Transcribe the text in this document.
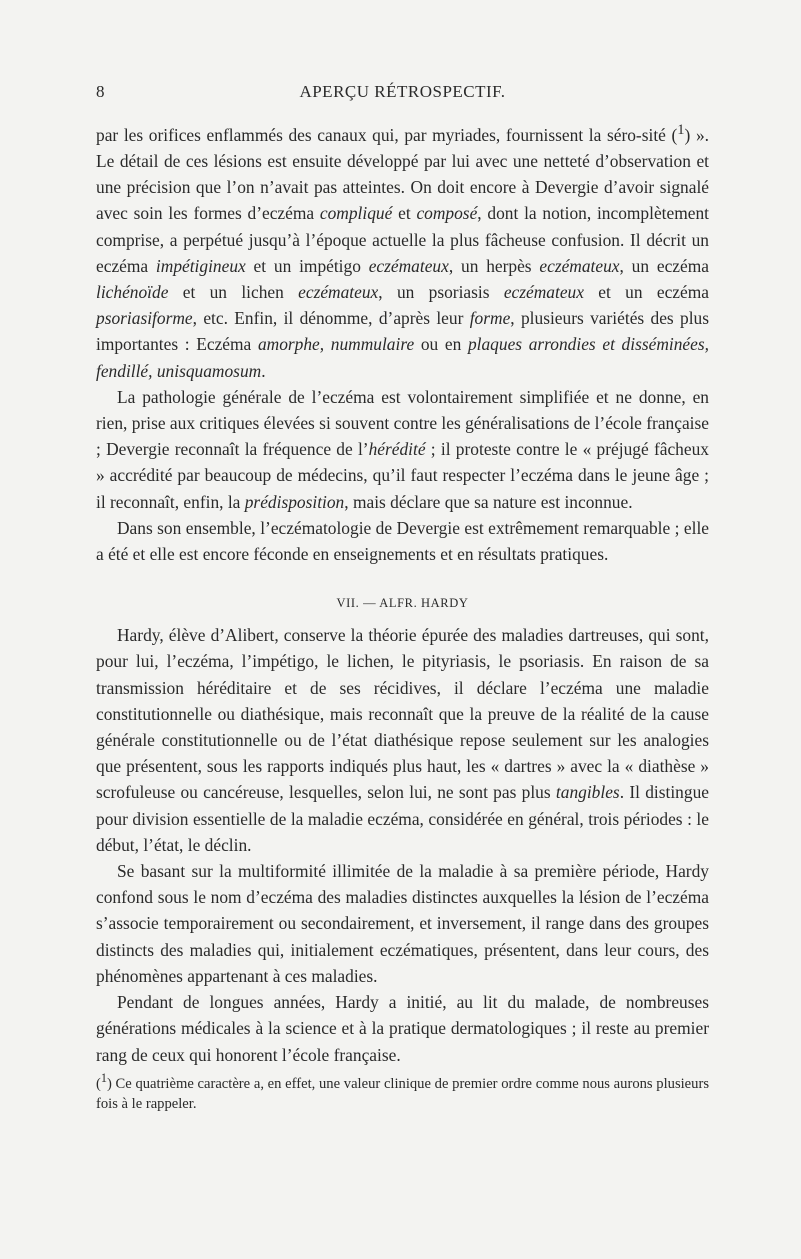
8	APERÇU RÉTROSPECTIF.

par les orifices enflammés des canaux qui, par myriades, fournissent la séro-sité ($^1$) ». Le détail de ces lésions est ensuite développé par lui avec une netteté d’observation et une précision que l’on n’avait pas atteintes. On doit encore à Devergie d’avoir signalé avec soin les formes d’eczéma compliqué et composé, dont la notion, incomplètement comprise, a perpétué jusqu’à l’époque actuelle la plus fâcheuse confusion. Il décrit un eczéma impétigineux et un impétigo eczémateux, un herpès eczémateux, un eczéma lichénoïde et un lichen eczémateux, un psoriasis eczémateux et un eczéma psoriasiforme, etc. Enfin, il dénomme, d’après leur forme, plusieurs variétés des plus importantes : Eczéma amorphe, nummulaire ou en plaques arrondies et disséminées, fendillé, unisquamosum.

La pathologie générale de l’eczéma est volontairement simplifiée et ne donne, en rien, prise aux critiques élevées si souvent contre les généralisations de l’école française ; Devergie reconnaît la fréquence de l’hérédité ; il proteste contre le « préjugé fâcheux » accrédité par beaucoup de médecins, qu’il faut respecter l’eczéma dans le jeune âge ; il reconnaît, enfin, la prédisposition, mais déclare que sa nature est inconnue.

Dans son ensemble, l’eczématologie de Devergie est extrêmement remarquable ; elle a été et elle est encore féconde en enseignements et en résultats pratiques.

VII. — ALFR. HARDY

Hardy, élève d’Alibert, conserve la théorie épurée des maladies dartreuses, qui sont, pour lui, l’eczéma, l’impétigo, le lichen, le pityriasis, le psoriasis. En raison de sa transmission héréditaire et de ses récidives, il déclare l’eczéma une maladie constitutionnelle ou diathésique, mais reconnaît que la preuve de la réalité de la cause générale constitutionnelle ou de l’état diathésique repose seulement sur les analogies que présentent, sous les rapports indiqués plus haut, les « dartres » avec la « diathèse » scrofuleuse ou cancéreuse, lesquelles, selon lui, ne sont pas plus tangibles. Il distingue pour division essentielle de la maladie eczéma, considérée en général, trois périodes : le début, l’état, le déclin.

Se basant sur la multiformité illimitée de la maladie à sa première période, Hardy confond sous le nom d’eczéma des maladies distinctes auxquelles la lésion de l’eczéma s’associe temporairement ou secondairement, et inversement, il range dans des groupes distincts des maladies qui, initialement eczématiques, présentent, dans leur cours, des phénomènes appartenant à ces maladies.

Pendant de longues années, Hardy a initié, au lit du malade, de nombreuses générations médicales à la science et à la pratique dermatologiques ; il reste au premier rang de ceux qui honorent l’école française.

($^1$) Ce quatrième caractère a, en effet, une valeur clinique de premier ordre comme nous aurons plusieurs fois à le rappeler.
